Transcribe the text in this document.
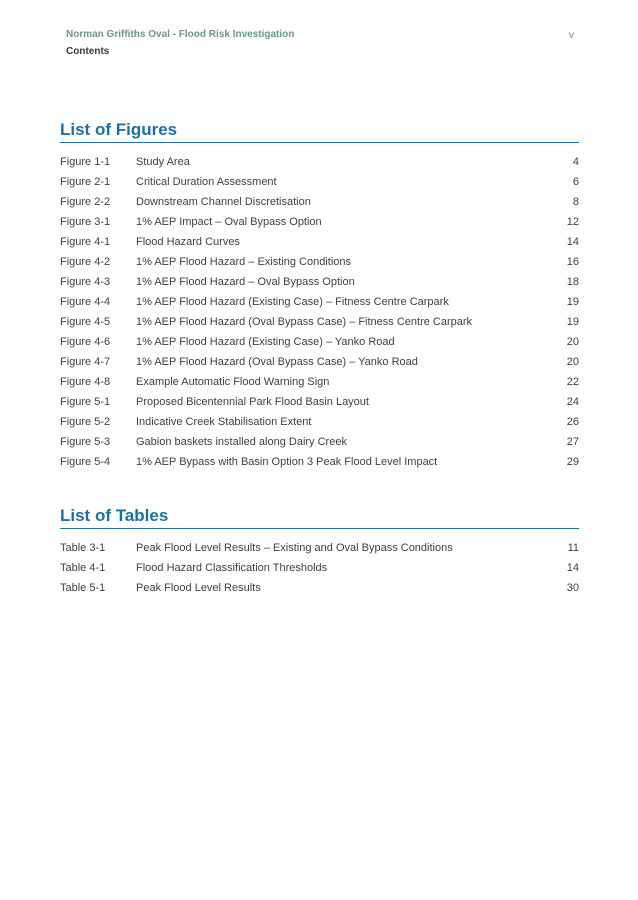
Norman Griffiths Oval - Flood Risk Investigation
Contents
v
List of Figures
Figure 1-1	Study Area	4
Figure 2-1	Critical Duration Assessment	6
Figure 2-2	Downstream Channel Discretisation	8
Figure 3-1	1% AEP Impact – Oval Bypass Option	12
Figure 4-1	Flood Hazard Curves	14
Figure 4-2	1% AEP Flood Hazard – Existing Conditions	16
Figure 4-3	1% AEP Flood Hazard – Oval Bypass Option	18
Figure 4-4	1% AEP Flood Hazard (Existing Case) – Fitness Centre Carpark	19
Figure 4-5	1% AEP Flood Hazard (Oval Bypass Case) – Fitness Centre Carpark	19
Figure 4-6	1% AEP Flood Hazard (Existing Case) – Yanko Road	20
Figure 4-7	1% AEP Flood Hazard (Oval Bypass Case) – Yanko Road	20
Figure 4-8	Example Automatic Flood Warning Sign	22
Figure 5-1	Proposed Bicentennial Park Flood Basin Layout	24
Figure 5-2	Indicative Creek Stabilisation Extent	26
Figure 5-3	Gabion baskets installed along Dairy Creek	27
Figure 5-4	1% AEP Bypass with Basin Option 3 Peak Flood Level Impact	29
List of Tables
Table 3-1	Peak Flood Level Results – Existing and Oval Bypass Conditions	11
Table 4-1	Flood Hazard Classification Thresholds	14
Table 5-1	Peak Flood Level Results	30
